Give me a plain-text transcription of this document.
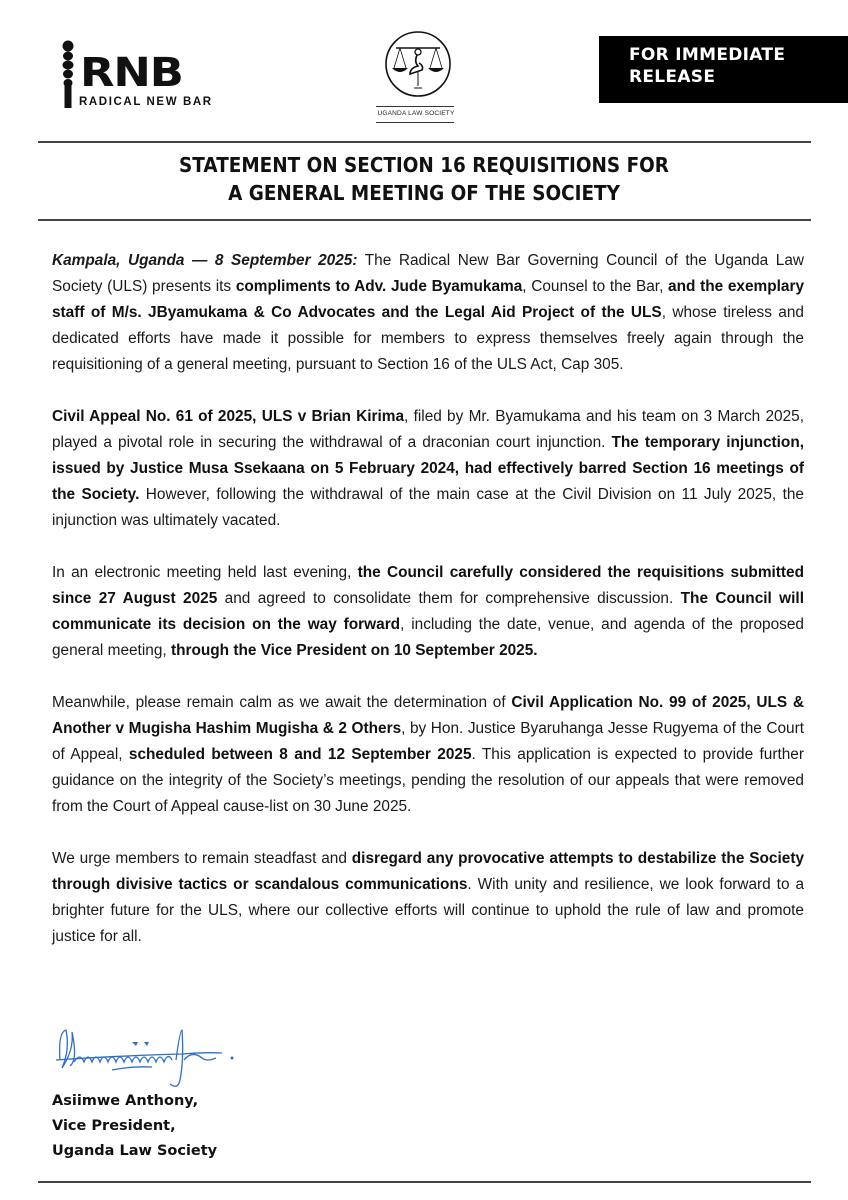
RNB
RADICAL NEW BAR
UGANDA LAW SOCIETY
FOR IMMEDIATE
RELEASE
STATEMENT ON SECTION 16 REQUISITIONS FOR
A GENERAL MEETING OF THE SOCIETY

Kampala, Uganda — 8 September 2025: The Radical New Bar Governing Council of the Uganda Law Society (ULS) presents its compliments to Adv. Jude Byamukama, Counsel to the Bar, and the exemplary staff of M/s. JByamukama & Co Advocates and the Legal Aid Project of the ULS, whose tireless and dedicated efforts have made it possible for members to express themselves freely again through the requisitioning of a general meeting, pursuant to Section 16 of the ULS Act, Cap 305.

Civil Appeal No. 61 of 2025, ULS v Brian Kirima, filed by Mr. Byamukama and his team on 3 March 2025, played a pivotal role in securing the withdrawal of a draconian court injunction. The temporary injunction, issued by Justice Musa Ssekaana on 5 February 2024, had effectively barred Section 16 meetings of the Society. However, following the withdrawal of the main case at the Civil Division on 11 July 2025, the injunction was ultimately vacated.

In an electronic meeting held last evening, the Council carefully considered the requisitions submitted since 27 August 2025 and agreed to consolidate them for comprehensive discussion. The Council will communicate its decision on the way forward, including the date, venue, and agenda of the proposed general meeting, through the Vice President on 10 September 2025.

Meanwhile, please remain calm as we await the determination of Civil Application No. 99 of 2025, ULS & Another v Mugisha Hashim Mugisha & 2 Others, by Hon. Justice Byaruhanga Jesse Rugyema of the Court of Appeal, scheduled between 8 and 12 September 2025. This application is expected to provide further guidance on the integrity of the Society’s meetings, pending the resolution of our appeals that were removed from the Court of Appeal cause-list on 30 June 2025.

We urge members to remain steadfast and disregard any provocative attempts to destabilize the Society through divisive tactics or scandalous communications. With unity and resilience, we look forward to a brighter future for the ULS, where our collective efforts will continue to uphold the rule of law and promote justice for all.

Asiimwe Anthony,
Vice President,
Uganda Law Society
